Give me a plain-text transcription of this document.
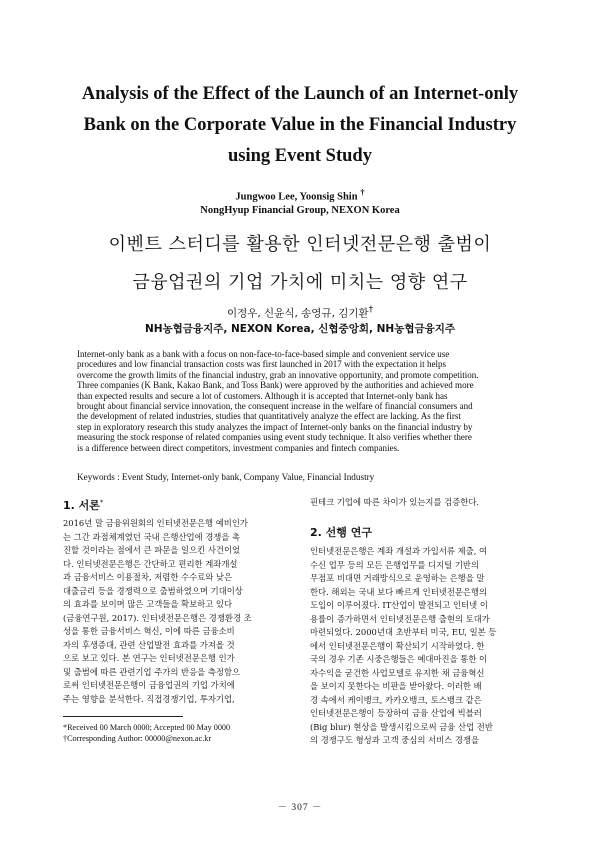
Analysis of the Effect of the Launch of an Internet-only
Bank on the Corporate Value in the Financial Industry
using Event Study
Jungwoo Lee, Yoonsig Shin †
NongHyup Financial Group, NEXON Korea
이벤트 스터디를 활용한 인터넷전문은행 출범이
금융업권의 기업 가치에 미치는 영향 연구
이정우, 신윤식, 송영규, 김기환†
NH농협금융지주, NEXON Korea, 신협중앙회, NH농협금융지주
Internet-only bank as a bank with a focus on non-face-to-face-based simple and convenient service use
procedures and low financial transaction costs was first launched in 2017 with the expectation it helps
overcome the growth limits of the financial industry, grab an innovative opportunity, and promote competition.
Three companies (K Bank, Kakao Bank, and Toss Bank) were approved by the authorities and achieved more
than expected results and secure a lot of customers. Although it is accepted that Internet-only bank has
brought about financial service innovation, the consequent increase in the welfare of financial consumers and
the development of related industries, studies that quantitatively analyze the effect are lacking. As the first
step in exploratory research this study analyzes the impact of Internet-only banks on the financial industry by
measuring the stock response of related companies using event study technique. It also verifies whether there
is a difference between direct competitors, investment companies and fintech companies.
Keywords : Event Study, Internet-only bank, Company Value, Financial Industry
1. 서론*
2016년 말 금융위원회의 인터넷전문은행 예비인가
는 그간 과점체계였던 국내 은행산업에 경쟁을 촉
진할 것이라는 점에서 큰 파문을 일으킨 사건이었
다. 인터넷전문은행은 간단하고 편리한 계좌개설
과 금융서비스 이용절차, 저렴한 수수료와 낮은
대출금리 등을 경쟁력으로 출범하였으며 기대이상
의 효과를 보이며 많은 고객들을 확보하고 있다
(금융연구원, 2017). 인터넷전문은행은 경쟁환경 조
성을 통한 금융서비스 혁신, 이에 따른 금융소비
자의 후생증대, 관련 산업발전 효과를 가져올 것
으로 보고 있다. 본 연구는 인터넷전문은행 인가
및 출범에 따른 관련기업 주가의 반응을 측정함으
로써 인터넷전문은행이 금융업권의 기업 가치에
주는 영향을 분석한다. 직접경쟁기업, 투자기업,
*Received 00 March 0000; Accepted 00 May 0000
†Corresponding Author: 00000@nexon.ac.kr
핀테크 기업에 따른 차이가 있는지를 검증한다.
2. 선행 연구
인터넷전문은행은 계좌 개설과 가입서류 제출, 여
수신 업무 등의 모든 은행업무를 디지털 기반의
무점포 비대면 거래방식으로 운영하는 은행을 말
한다. 해외는 국내 보다 빠르게 인터넷전문은행의
도입이 이루어졌다. IT산업이 발전되고 인터넷 이
용률이 증가하면서 인터넷전문은행 출현의 토대가
마련되었다. 2000년대 초반부터 미국, EU, 일본 등
에서 인터넷전문은행이 확산되기 시작하였다. 한
국의 경우 기존 시중은행들은 예대마진을 통한 이
자수익을 굳건한 사업모델로 유지한 채 금융혁신
을 보이지 못한다는 비판을 받아왔다. 이러한 배
경 속에서 케이뱅크, 카카오뱅크, 토스뱅크 같은
인터넷전문은행이 등장하여 금융 산업에 빅블러
(Big blur) 현상을 발생시킴으로써 금융 산업 전반
의 경쟁구도 형성과 고객 중심의 서비스 경쟁을
－ 307 －
